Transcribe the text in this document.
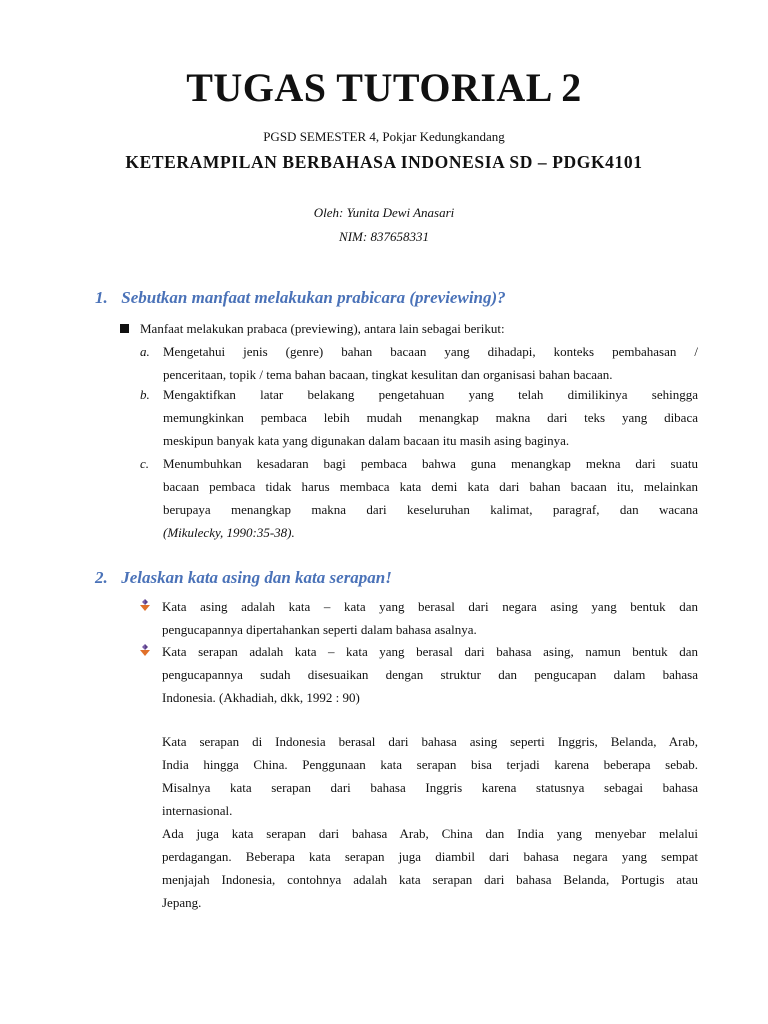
TUGAS TUTORIAL 2
PGSD SEMESTER 4, Pokjar Kedungkandang
KETERAMPILAN BERBAHASA INDONESIA SD – PDGK4101
Oleh: Yunita Dewi Anasari
NIM: 837658331
1. Sebutkan manfaat melakukan prabicara (previewing)?
Manfaat melakukan prabaca (previewing), antara lain sebagai berikut:
a. Mengetahui jenis (genre) bahan bacaan yang dihadapi, konteks pembahasan /
penceritaan, topik / tema bahan bacaan, tingkat kesulitan dan organisasi bahan bacaan.
b. Mengaktifkan latar belakang pengetahuan yang telah dimilikinya sehingga
memungkinkan pembaca lebih mudah menangkap makna dari teks yang dibaca
meskipun banyak kata yang digunakan dalam bacaan itu masih asing baginya.
c. Menumbuhkan kesadaran bagi pembaca bahwa guna menangkap mekna dari suatu
bacaan pembaca tidak harus membaca kata demi kata dari bahan bacaan itu, melainkan
berupaya menangkap makna dari keseluruhan kalimat, paragraf, dan wacana
(Mikulecky, 1990:35-38).
2. Jelaskan kata asing dan kata serapan!
Kata asing adalah kata – kata yang berasal dari negara asing yang bentuk dan
pengucapannya dipertahankan seperti dalam bahasa asalnya.
Kata serapan adalah kata – kata yang berasal dari bahasa asing, namun bentuk dan
pengucapannya sudah disesuaikan dengan struktur dan pengucapan dalam bahasa
Indonesia. (Akhadiah, dkk, 1992 : 90)
Kata serapan di Indonesia berasal dari bahasa asing seperti Inggris, Belanda, Arab,
India hingga China. Penggunaan kata serapan bisa terjadi karena beberapa sebab.
Misalnya kata serapan dari bahasa Inggris karena statusnya sebagai bahasa
internasional.
Ada juga kata serapan dari bahasa Arab, China dan India yang menyebar melalui
perdagangan. Beberapa kata serapan juga diambil dari bahasa negara yang sempat
menjajah Indonesia, contohnya adalah kata serapan dari bahasa Belanda, Portugis atau
Jepang.
